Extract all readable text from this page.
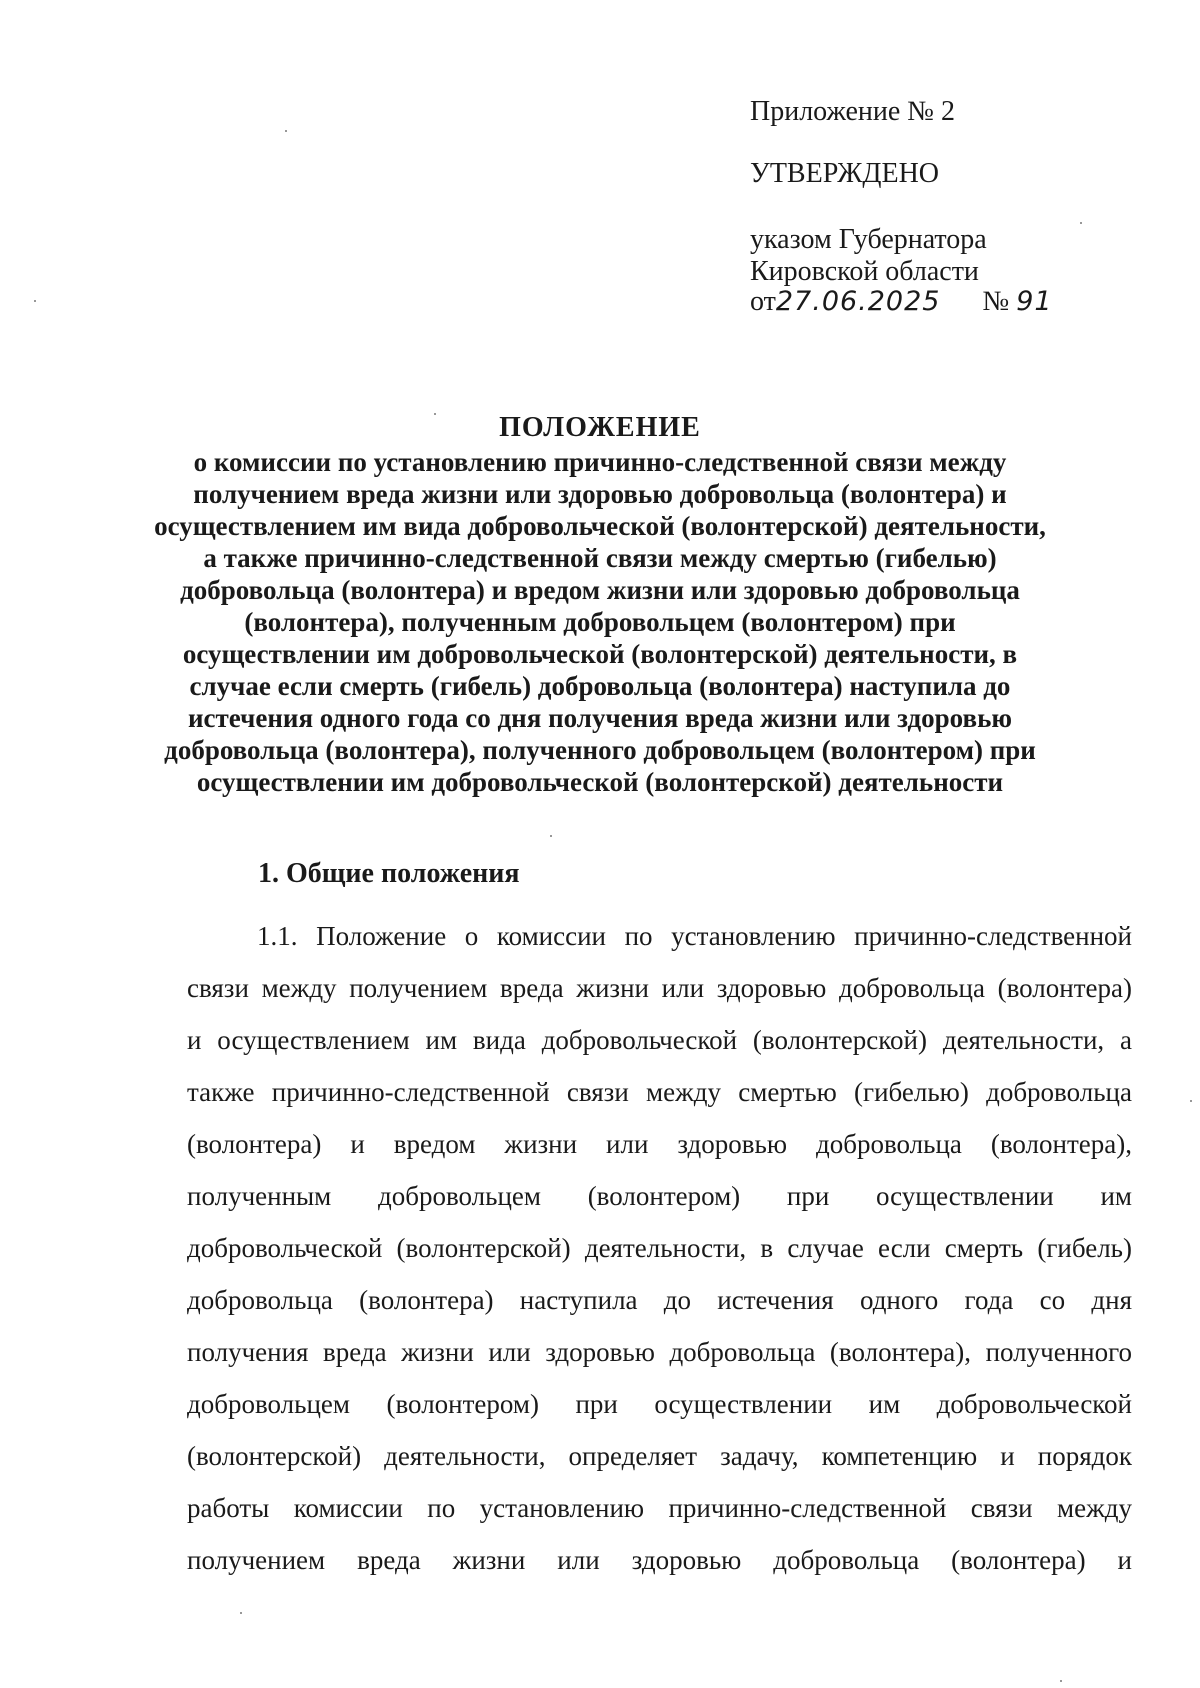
Приложение № 2
УТВЕРЖДЕНО
указом Губернатора
Кировской области
от27.06.2025 № 91
ПОЛОЖЕНИЕ
о комиссии по установлению причинно-следственной связи между
получением вреда жизни или здоровью добровольца (волонтера) и
осуществлением им вида добровольческой (волонтерской) деятельности,
а также причинно-следственной связи между смертью (гибелью)
добровольца (волонтера) и вредом жизни или здоровью добровольца
(волонтера), полученным добровольцем (волонтером) при
осуществлении им добровольческой (волонтерской) деятельности, в
случае если смерть (гибель) добровольца (волонтера) наступила до
истечения одного года со дня получения вреда жизни или здоровью
добровольца (волонтера), полученного добровольцем (волонтером) при
осуществлении им добровольческой (волонтерской) деятельности
1. Общие положения
1.1. Положение о комиссии по установлению причинно-следственной
связи между получением вреда жизни или здоровью добровольца (волонтера)
и осуществлением им вида добровольческой (волонтерской) деятельности, а
также причинно-следственной связи между смертью (гибелью) добровольца
(волонтера) и вредом жизни или здоровью добровольца (волонтера),
полученным добровольцем (волонтером) при осуществлении им
добровольческой (волонтерской) деятельности, в случае если смерть (гибель)
добровольца (волонтера) наступила до истечения одного года со дня
получения вреда жизни или здоровью добровольца (волонтера), полученного
добровольцем (волонтером) при осуществлении им добровольческой
(волонтерской) деятельности, определяет задачу, компетенцию и порядок
работы комиссии по установлению причинно-следственной связи между
получением вреда жизни или здоровью добровольца (волонтера) и
